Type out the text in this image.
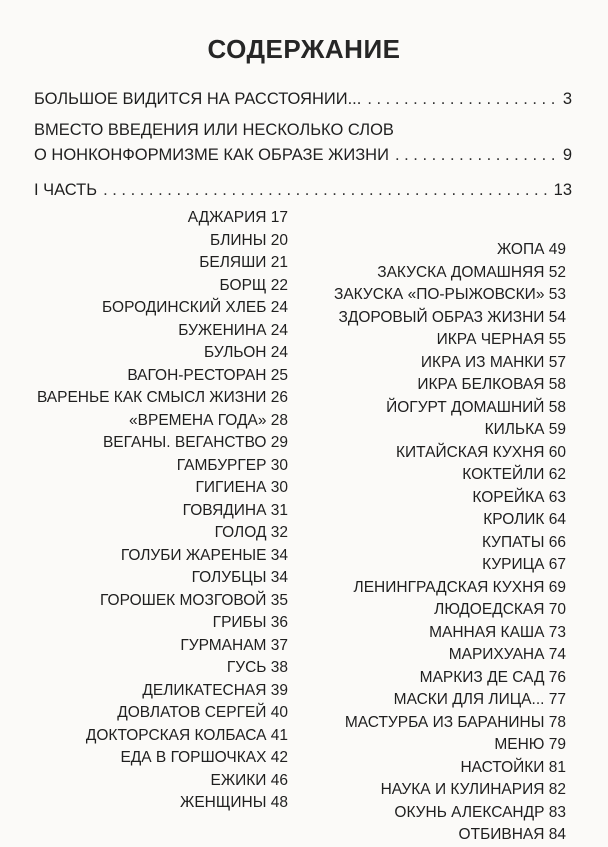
СОДЕРЖАНИЕ
БОЛЬШОЕ ВИДИТСЯ НА РАССТОЯНИИ... . . .	3
ВМЕСТО ВВЕДЕНИЯ ИЛИ НЕСКОЛЬКО СЛОВ
О НОНКОНФОРМИЗМЕ КАК ОБРАЗЕ ЖИЗНИ . . .	9
I ЧАСТЬ . . .	13
АДЖАРИЯ 17
БЛИНЫ 20
БЕЛЯШИ 21
БОРЩ 22
БОРОДИНСКИЙ ХЛЕБ 24
БУЖЕНИНА 24
БУЛЬОН 24
ВАГОН-РЕСТОРАН 25
ВАРЕНЬЕ КАК СМЫСЛ ЖИЗНИ 26
«ВРЕМЕНА ГОДА» 28
ВЕГАНЫ. ВЕГАНСТВО 29
ГАМБУРГЕР 30
ГИГИЕНА 30
ГОВЯДИНА 31
ГОЛОД 32
ГОЛУБИ ЖАРЕНЫЕ 34
ГОЛУБЦЫ 34
ГОРОШЕК МОЗГОВОЙ 35
ГРИБЫ 36
ГУРМАНАМ 37
ГУСЬ 38
ДЕЛИКАТЕСНАЯ 39
ДОВЛАТОВ СЕРГЕЙ 40
ДОКТОРСКАЯ КОЛБАСА 41
ЕДА В ГОРШОЧКАХ 42
ЕЖИКИ 46
ЖЕНЩИНЫ 48
ЖОПА 49
ЗАКУСКА ДОМАШНЯЯ 52
ЗАКУСКА «ПО-РЫЖОВСКИ» 53
ЗДОРОВЫЙ ОБРАЗ ЖИЗНИ 54
ИКРА ЧЕРНАЯ 55
ИКРА ИЗ МАНКИ 57
ИКРА БЕЛКОВАЯ 58
ЙОГУРТ ДОМАШНИЙ 58
КИЛЬКА 59
КИТАЙСКАЯ КУХНЯ 60
КОКТЕЙЛИ 62
КОРЕЙКА 63
КРОЛИК 64
КУПАТЫ 66
КУРИЦА 67
ЛЕНИНГРАДСКАЯ КУХНЯ 69
ЛЮДОЕДСКАЯ 70
МАННАЯ КАША 73
МАРИХУАНА 74
МАРКИЗ ДЕ САД 76
МАСКИ ДЛЯ ЛИЦА... 77
МАСТУРБА ИЗ БАРАНИНЫ 78
МЕНЮ 79
НАСТОЙКИ 81
НАУКА И КУЛИНАРИЯ 82
ОКУНЬ АЛЕКСАНДР 83
ОТБИВНАЯ 84
